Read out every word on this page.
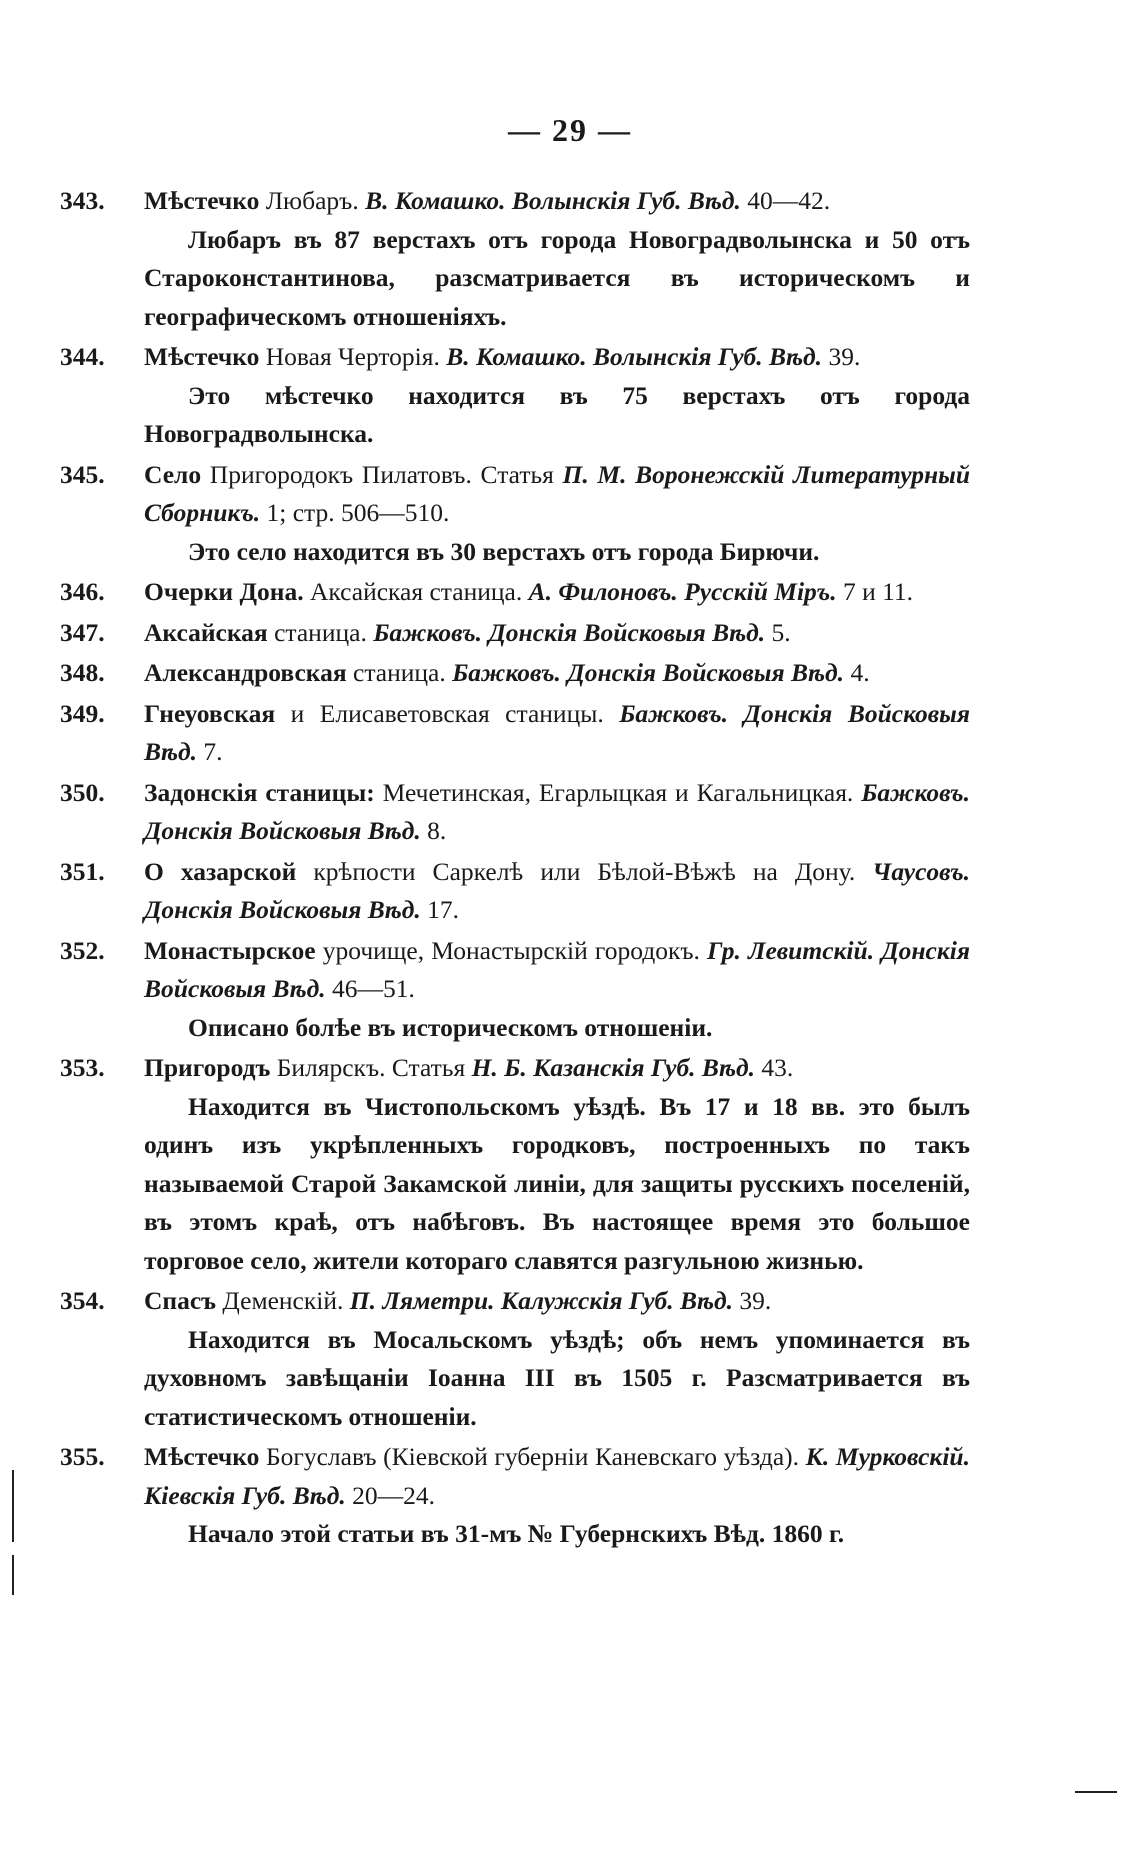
— 29 —
343. Мѣстечко Любаръ. В. Комашко. Волынскія Губ. Вѣд. 40—42.
Любаръ въ 87 верстахъ отъ города Новоградволынска и 50 отъ Староконстантинова, разсматривается въ историческомъ и географическомъ отношеніяхъ.
344. Мѣстечко Новая Черторія. В. Комашко. Волынскія Губ. Вѣд. 39.
Это мѣстечко находится въ 75 верстахъ отъ города Новоградволынска.
345. Село Пригородокъ Пилатовъ. Статья П. М. Воронежскій Литературный Сборникъ. 1; стр. 506—510.
Это село находится въ 30 верстахъ отъ города Бирючи.
346. Очерки Дона. Аксайская станица. А. Филоновъ. Русскій Міръ. 7 и 11.
347. Аксайская станица. Бажковъ. Донскія Войсковыя Вѣд. 5.
348. Александровская станица. Бажковъ. Донскія Войсковыя Вѣд. 4.
349. Гнеуовская и Елисаветовская станицы. Бажковъ. Донскія Войсковыя Вѣд. 7.
350. Задонскія станицы: Мечетинская, Егарлыцкая и Кагальницкая. Бажковъ. Донскія Войсковыя Вѣд. 8.
351. О хазарской крѣпости Саркелѣ или Бѣлой-Вѣжѣ на Дону. Чауcовъ. Донскія Войсковыя Вѣд. 17.
352. Монастырское урочище, Монастырскій городокъ. Гр. Левитскій. Донскія Войсковыя Вѣд. 46—51.
Описано болѣе въ историческомъ отношеніи.
353. Пригородъ Билярскъ. Статья Н. Б. Казанскія Губ. Вѣд. 43.
Находится въ Чистопольскомъ уѣздѣ. Въ 17 и 18 вв. это былъ одинъ изъ укрѣпленныхъ городковъ, построенныхъ по такъ называемой Старой Закамской линіи, для защиты русскихъ поселеній, въ этомъ краѣ, отъ набѣговъ. Въ настоящее время это большое торговое село, жители котораго славятся разгульною жизнью.
354. Спасъ Деменскій. П. Ляметри. Калужскія Губ. Вѣд. 39.
Находится въ Мосальскомъ уѣздѣ; объ немъ упоминается въ духовномъ завѣщаніи Іоанна III въ 1505 г. Разсматривается въ статистическомъ отношеніи.
355. Мѣстечко Богуславъ (Кіевской губерніи Каневскаго уѣзда). К. Мурковскій. Кіевскія Губ. Вѣд. 20—24.
Начало этой статьи въ 31-мъ № Губернскихъ Вѣд. 1860 г.
